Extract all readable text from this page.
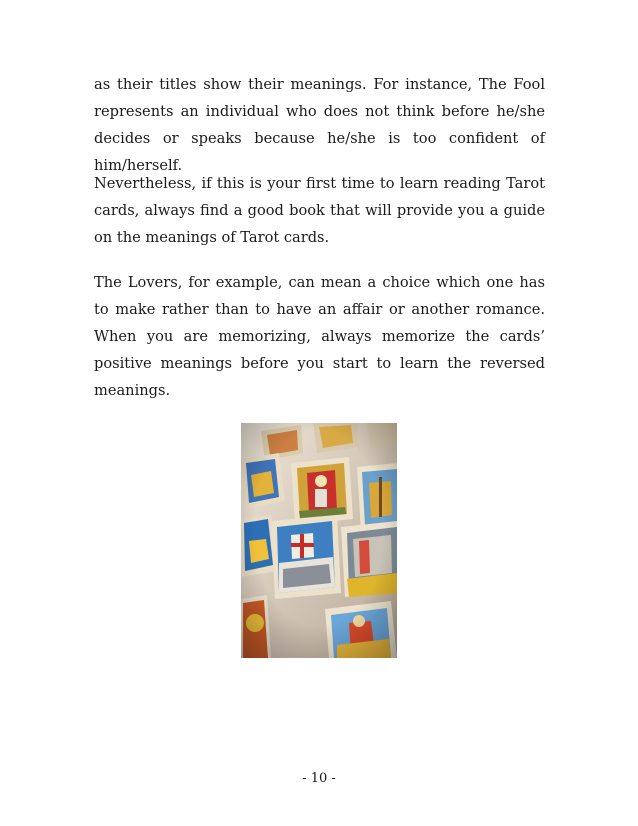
as their titles show their meanings. For instance, The Fool represents an individual who does not think before he/she decides or speaks because he/she is too confident of him/herself.

Nevertheless, if this is your first time to learn reading Tarot cards, always find a good book that will provide you a guide on the meanings of Tarot cards.

The Lovers, for example, can mean a choice which one has to make rather than to have an affair or another romance. When you are memorizing, always memorize the cards’ positive meanings before you start to learn the reversed meanings.

- 10 -
